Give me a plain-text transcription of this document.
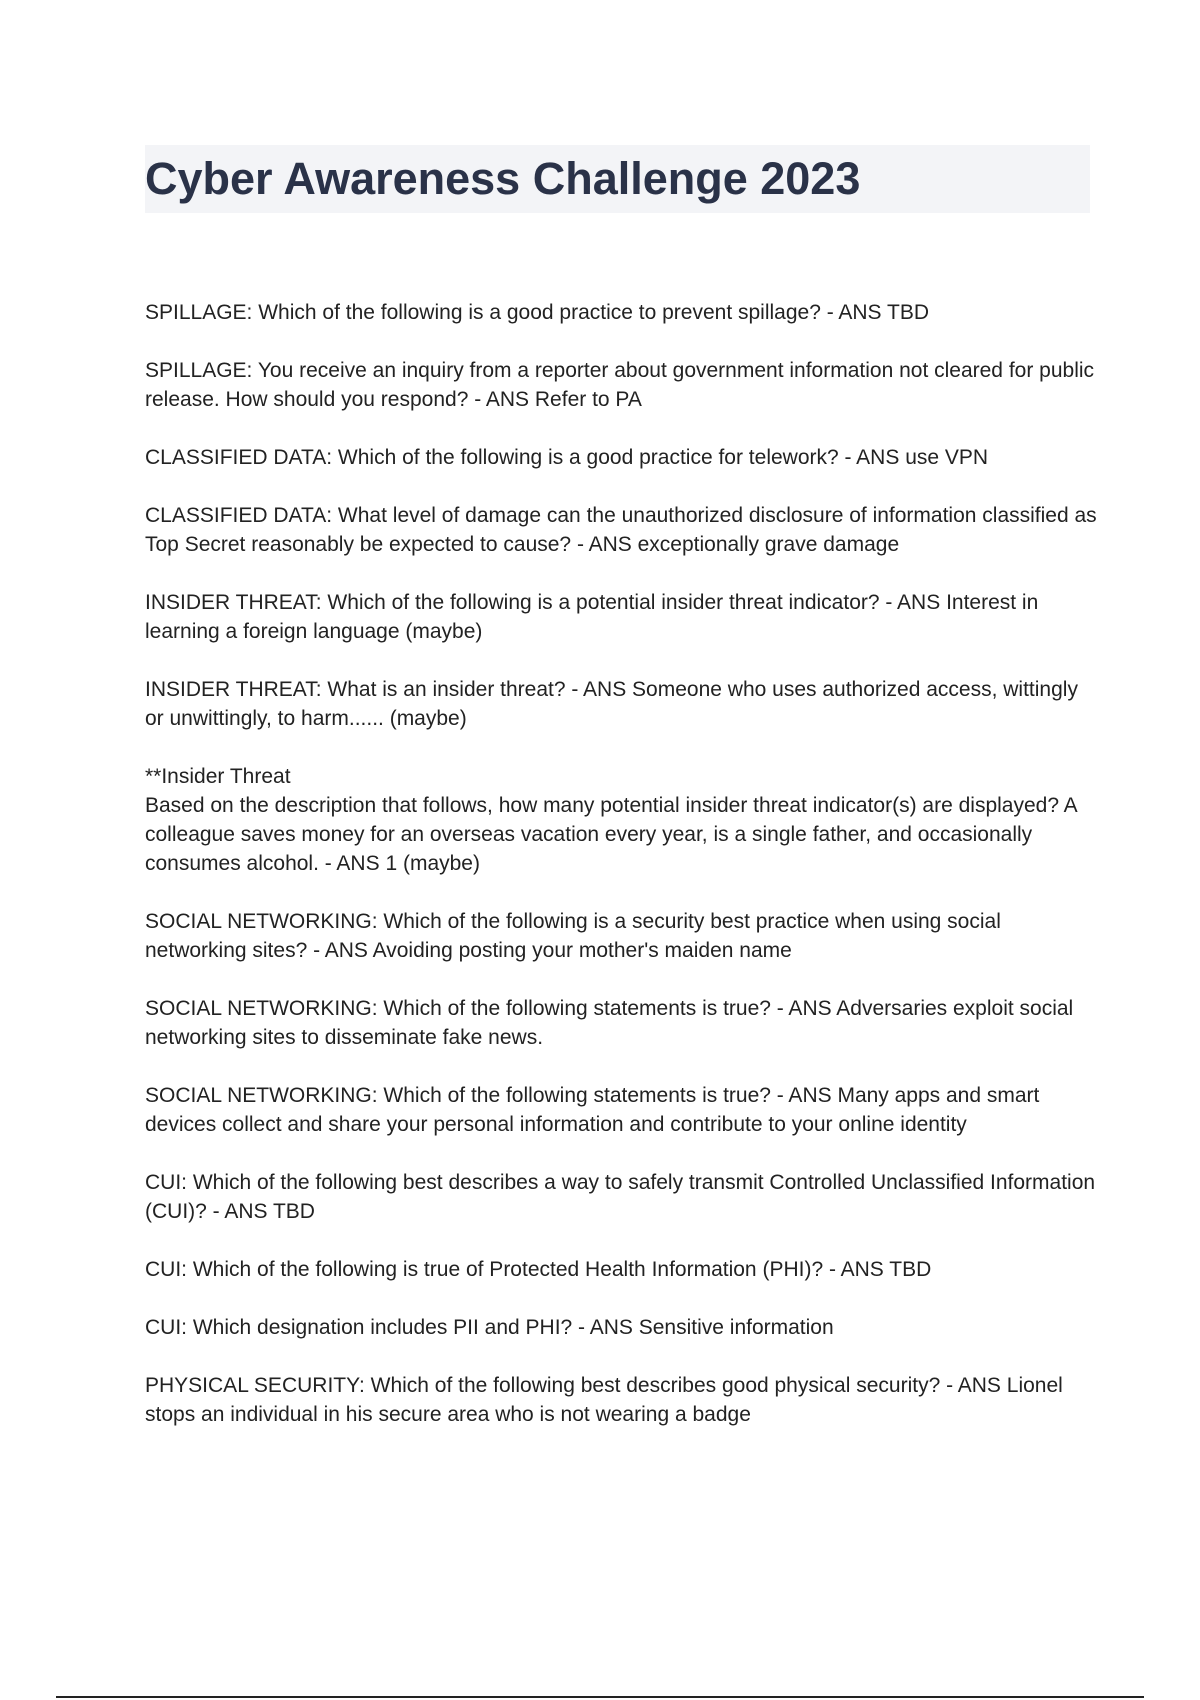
Cyber Awareness Challenge 2023
SPILLAGE: Which of the following is a good practice to prevent spillage? - ANS TBD
SPILLAGE: You receive an inquiry from a reporter about government information not cleared for public release. How should you respond? - ANS Refer to PA
CLASSIFIED DATA: Which of the following is a good practice for telework? - ANS use VPN
CLASSIFIED DATA: What level of damage can the unauthorized disclosure of information classified as Top Secret reasonably be expected to cause? - ANS exceptionally grave damage
INSIDER THREAT: Which of the following is a potential insider threat indicator? - ANS Interest in learning a foreign language (maybe)
INSIDER THREAT: What is an insider threat? - ANS Someone who uses authorized access, wittingly or unwittingly, to harm...... (maybe)
**Insider Threat
Based on the description that follows, how many potential insider threat indicator(s) are displayed? A colleague saves money for an overseas vacation every year, is a single father, and occasionally consumes alcohol. - ANS 1 (maybe)
SOCIAL NETWORKING: Which of the following is a security best practice when using social networking sites? - ANS Avoiding posting your mother's maiden name
SOCIAL NETWORKING: Which of the following statements is true? - ANS Adversaries exploit social networking sites to disseminate fake news.
SOCIAL NETWORKING: Which of the following statements is true? - ANS Many apps and smart devices collect and share your personal information and contribute to your online identity
CUI: Which of the following best describes a way to safely transmit Controlled Unclassified Information (CUI)? - ANS TBD
CUI: Which of the following is true of Protected Health Information (PHI)? - ANS TBD
CUI: Which designation includes PII and PHI? - ANS Sensitive information
PHYSICAL SECURITY: Which of the following best describes good physical security? - ANS Lionel stops an individual in his secure area who is not wearing a badge
